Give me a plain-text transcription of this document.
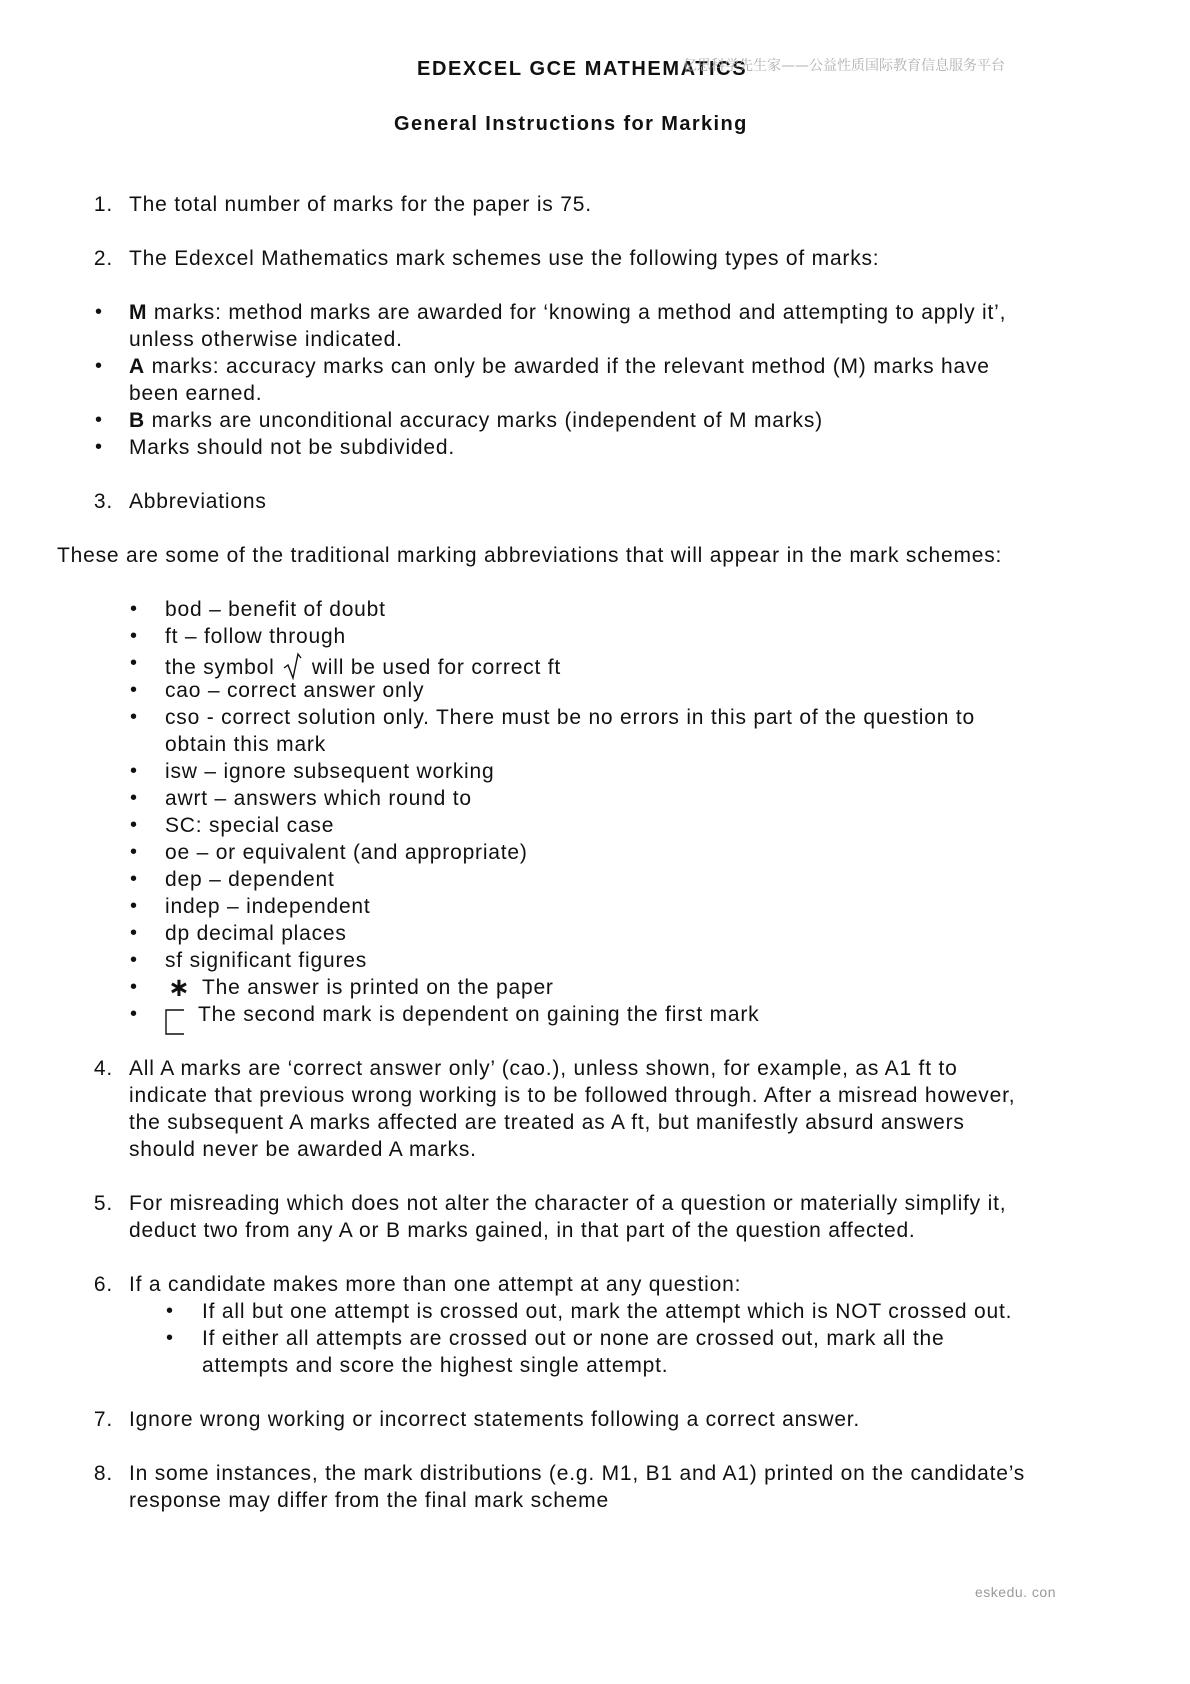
EDEXCEL GCE MATHEMATICS
亿思科学先生家——公益性质国际教育信息服务平台
General Instructions for Marking
1. The total number of marks for the paper is 75.
2. The Edexcel Mathematics mark schemes use the following types of marks:
• M marks: method marks are awarded for ‘knowing a method and attempting to apply it’,
unless otherwise indicated.
• A marks: accuracy marks can only be awarded if the relevant method (M) marks have
been earned.
• B marks are unconditional accuracy marks (independent of M marks)
• Marks should not be subdivided.
3. Abbreviations
These are some of the traditional marking abbreviations that will appear in the mark schemes:
• bod – benefit of doubt
• ft – follow through
• the symbol will be used for correct ft
• cao – correct answer only
• cso - correct solution only. There must be no errors in this part of the question to
obtain this mark
• isw – ignore subsequent working
• awrt – answers which round to
• SC: special case
• oe – or equivalent (and appropriate)
• dep – dependent
• indep – independent
• dp decimal places
• sf significant figures
• ∗ The answer is printed on the paper
•	The second mark is dependent on gaining the first mark
4. All A marks are ‘correct answer only’ (cao.), unless shown, for example, as A1 ft to
indicate that previous wrong working is to be followed through. After a misread however,
the subsequent A marks affected are treated as A ft, but manifestly absurd answers
should never be awarded A marks.
5. For misreading which does not alter the character of a question or materially simplify it,
deduct two from any A or B marks gained, in that part of the question affected.
6. If a candidate makes more than one attempt at any question:
• If all but one attempt is crossed out, mark the attempt which is NOT crossed out.
• If either all attempts are crossed out or none are crossed out, mark all the
attempts and score the highest single attempt.
7. Ignore wrong working or incorrect statements following a correct answer.
8. In some instances, the mark distributions (e.g. M1, B1 and A1) printed on the candidate’s
response may differ from the final mark scheme
eskedu. con
